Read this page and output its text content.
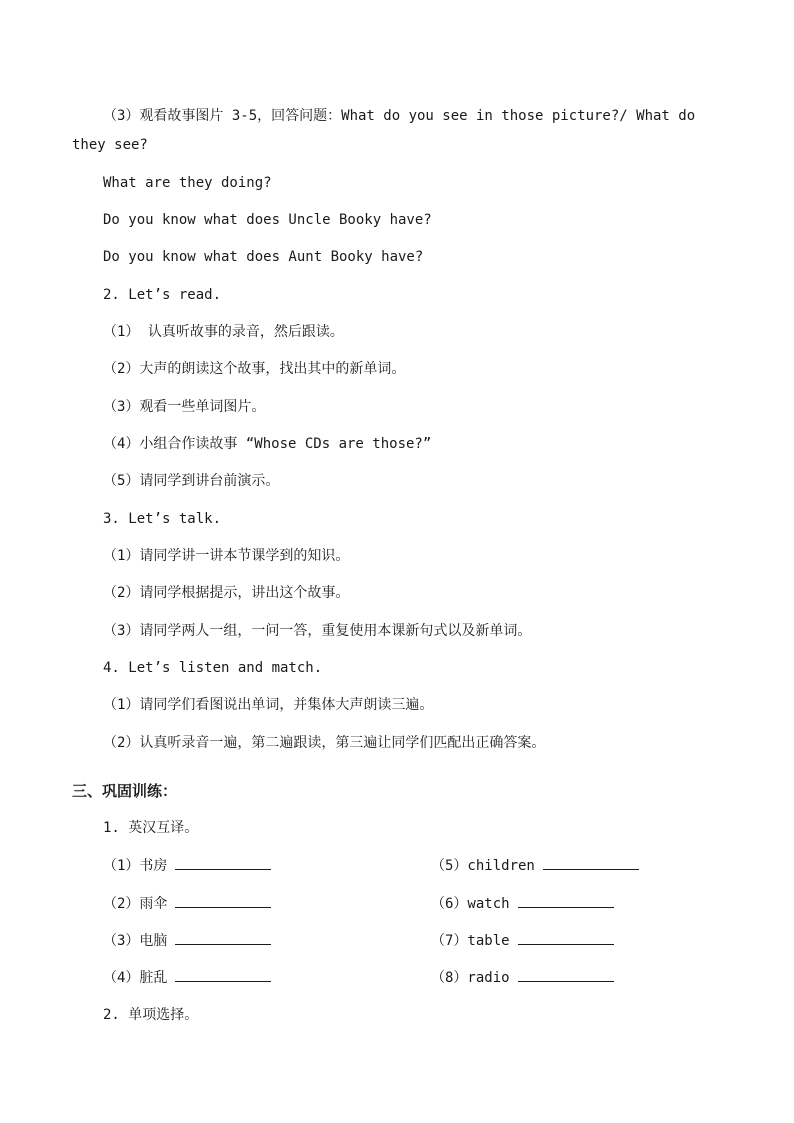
（3）观看故事图片 3-5，回答问题：What do you see in those picture?/ What do
they see?
What are they doing?
Do you know what does Uncle Booky have?
Do you know what does Aunt Booky have?
2. Let’s read.
（1） 认真听故事的录音，然后跟读。
（2）大声的朗读这个故事，找出其中的新单词。
（3）观看一些单词图片。
（4）小组合作读故事 “Whose CDs are those?”
（5）请同学到讲台前演示。
3. Let’s talk.
（1）请同学讲一讲本节课学到的知识。
（2）请同学根据提示，讲出这个故事。
（3）请同学两人一组，一问一答，重复使用本课新句式以及新单词。
4. Let’s listen and match.
（1）请同学们看图说出单词，并集体大声朗读三遍。
（2）认真听录音一遍，第二遍跟读，第三遍让同学们匹配出正确答案。
三、巩固训练：
1. 英汉互译。
（1）书房	（5）children
（2）雨伞	（6）watch
（3）电脑	（7）table
（4）脏乱	（8）radio
2. 单项选择。
